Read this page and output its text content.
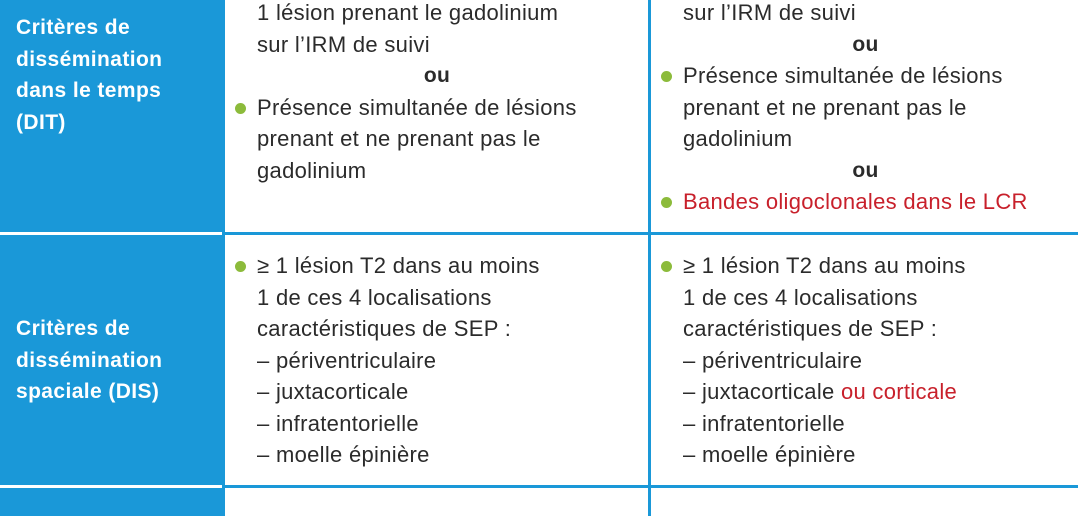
Critères de
dissémination
dans le temps
(DIT)
Critères de
dissémination
spaciale (DIS)
1 lésion prenant le gadolinium
sur l’IRM de suivi
ou
Présence simultanée de lésions
prenant et ne prenant pas le
gadolinium
sur l’IRM de suivi
ou
Présence simultanée de lésions
prenant et ne prenant pas le
gadolinium
ou
Bandes oligoclonales dans le LCR
≥ 1 lésion T2 dans au moins
1 de ces 4 localisations
caractéristiques de SEP :
– périventriculaire
– juxtacorticale
– infratentorielle
– moelle épinière
≥ 1 lésion T2 dans au moins
1 de ces 4 localisations
caractéristiques de SEP :
– périventriculaire
– juxtacorticale ou corticale
– infratentorielle
– moelle épinière
